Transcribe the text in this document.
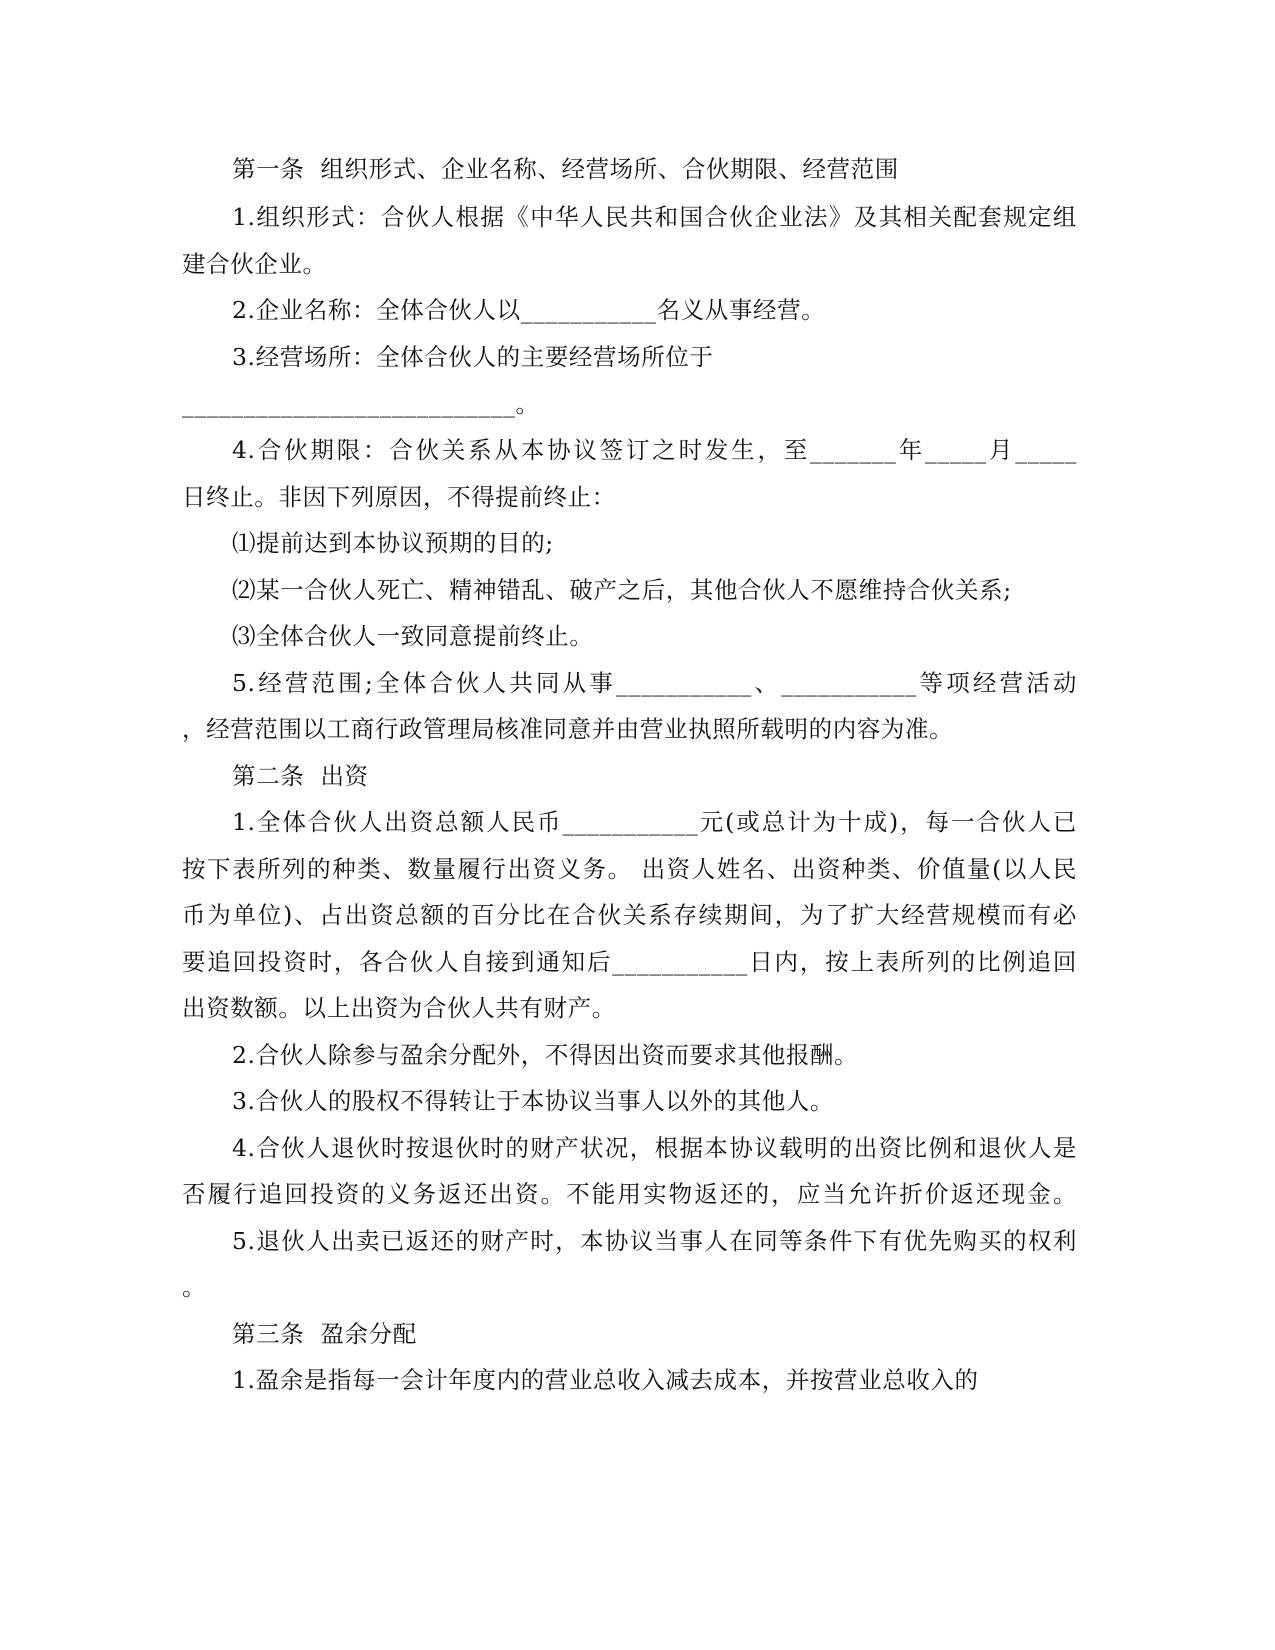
第一条  组织形式、企业名称、经营场所、合伙期限、经营范围
1.组织形式：合伙人根据《中华人民共和国合伙企业法》及其相关配套规定组
建合伙企业。
2.企业名称：全体合伙人以___________名义从事经营。
3.经营场所：全体合伙人的主要经营场所位于
___________________________。
4.合伙期限：合伙关系从本协议签订之时发生，至_______年_____月_____
日终止。非因下列原因，不得提前终止：
⑴提前达到本协议预期的目的;
⑵某一合伙人死亡、精神错乱、破产之后，其他合伙人不愿维持合伙关系;
⑶全体合伙人一致同意提前终止。
5.经营范围;全体合伙人共同从事___________、___________等项经营活动
，经营范围以工商行政管理局核准同意并由营业执照所载明的内容为准。
第二条  出资
1.全体合伙人出资总额人民币___________元(或总计为十成)，每一合伙人已
按下表所列的种类、数量履行出资义务。 出资人姓名、出资种类、价值量(以人民
币为单位)、占出资总额的百分比在合伙关系存续期间，为了扩大经营规模而有必
要追回投资时，各合伙人自接到通知后___________日内，按上表所列的比例追回
出资数额。以上出资为合伙人共有财产。
2.合伙人除参与盈余分配外，不得因出资而要求其他报酬。
3.合伙人的股权不得转让于本协议当事人以外的其他人。
4.合伙人退伙时按退伙时的财产状况，根据本协议载明的出资比例和退伙人是
否履行追回投资的义务返还出资。不能用实物返还的，应当允许折价返还现金。
5.退伙人出卖已返还的财产时，本协议当事人在同等条件下有优先购买的权利
。
第三条  盈余分配
1.盈余是指每一会计年度内的营业总收入减去成本，并按营业总收入的
